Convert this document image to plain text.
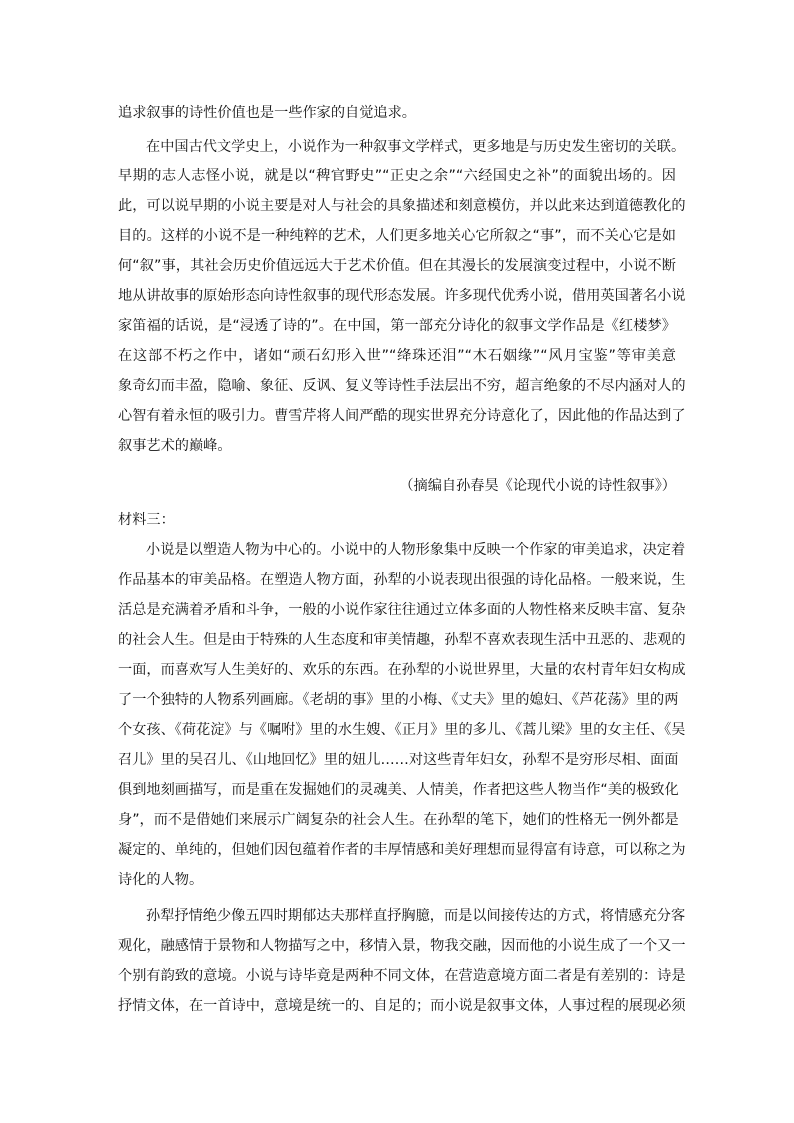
追求叙事的诗性价值也是一些作家的自觉追求。
在中国古代文学史上，小说作为一种叙事文学样式，更多地是与历史发生密切的关联。
早期的志人志怪小说，就是以“稗官野史”“正史之余”“六经国史之补”的面貌出场的。因
此，可以说早期的小说主要是对人与社会的具象描述和刻意模仿，并以此来达到道德教化的
目的。这样的小说不是一种纯粹的艺术，人们更多地关心它所叙之“事”，而不关心它是如
何“叙”事，其社会历史价值远远大于艺术价值。但在其漫长的发展演变过程中，小说不断
地从讲故事的原始形态向诗性叙事的现代形态发展。许多现代优秀小说，借用英国著名小说
家笛福的话说，是“浸透了诗的”。在中国，第一部充分诗化的叙事文学作品是《红楼梦》
在这部不朽之作中，诸如“顽石幻形入世”“绛珠还泪”“木石姻缘”“风月宝鉴”等审美意
象奇幻而丰盈，隐喻、象征、反讽、复义等诗性手法层出不穷，超言绝象的不尽内涵对人的
心智有着永恒的吸引力。曹雪芹将人间严酷的现实世界充分诗意化了，因此他的作品达到了
叙事艺术的巅峰。
（摘编自孙春昊《论现代小说的诗性叙事》）
材料三：
小说是以塑造人物为中心的。小说中的人物形象集中反映一个作家的审美追求，决定着
作品基本的审美品格。在塑造人物方面，孙犁的小说表现出很强的诗化品格。一般来说，生
活总是充满着矛盾和斗争，一般的小说作家往往通过立体多面的人物性格来反映丰富、复杂
的社会人生。但是由于特殊的人生态度和审美情趣，孙犁不喜欢表现生活中丑恶的、悲观的
一面，而喜欢写人生美好的、欢乐的东西。在孙犁的小说世界里，大量的农村青年妇女构成
了一个独特的人物系列画廊。《老胡的事》里的小梅、《丈夫》里的媳妇、《芦花荡》里的两
个女孩、《荷花淀》与《嘱咐》里的水生嫂、《正月》里的多儿、《蒿儿梁》里的女主任、《吴
召儿》里的吴召儿、《山地回忆》里的妞儿……对这些青年妇女，孙犁不是穷形尽相、面面
俱到地刻画描写，而是重在发掘她们的灵魂美、人情美，作者把这些人物当作“美的极致化
身”，而不是借她们来展示广阔复杂的社会人生。在孙犁的笔下，她们的性格无一例外都是
凝定的、单纯的，但她们因包蕴着作者的丰厚情感和美好理想而显得富有诗意，可以称之为
诗化的人物。
孙犁抒情绝少像五四时期郁达夫那样直抒胸臆，而是以间接传达的方式，将情感充分客
观化，融感情于景物和人物描写之中，移情入景，物我交融，因而他的小说生成了一个又一
个别有韵致的意境。小说与诗毕竟是两种不同文体，在营造意境方面二者是有差别的：诗是
抒情文体，在一首诗中，意境是统一的、自足的；而小说是叙事文体，人事过程的展现必须
